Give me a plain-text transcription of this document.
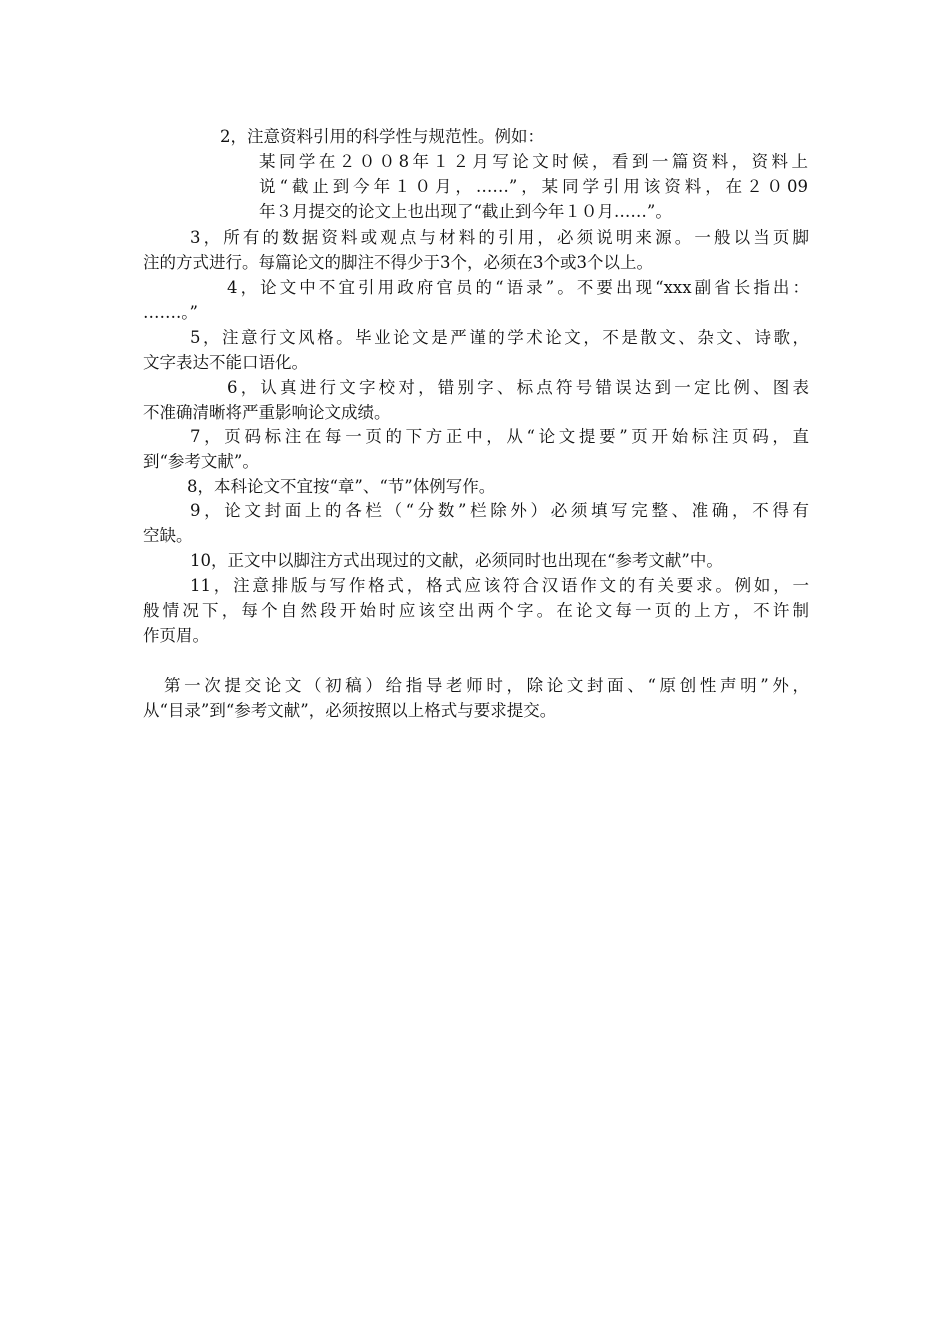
2，注意资料引用的科学性与规范性。例如：

某同学在２００8年１２月写论文时候，看到一篇资料，资料上
说“截止到今年１０月，……”，某同学引用该资料，在２０09
年３月提交的论文上也出现了“截止到今年１０月……”。

3，所有的数据资料或观点与材料的引用，必须说明来源。一般以当页脚
注的方式进行。每篇论文的脚注不得少于3个，必须在3个或3个以上。

4，论文中不宜引用政府官员的“语录”。不要出现“xxx副省长指出：
…….。”

5，注意行文风格。毕业论文是严谨的学术论文，不是散文、杂文、诗歌，
文字表达不能口语化。

6，认真进行文字校对，错别字、标点符号错误达到一定比例、图表
不准确清晰将严重影响论文成绩。

7，页码标注在每一页的下方正中，从“论文提要”页开始标注页码，直
到“参考文献”。

8，本科论文不宜按“章”、“节”体例写作。

9，论文封面上的各栏（“分数”栏除外）必须填写完整、准确，不得有
空缺。

10，正文中以脚注方式出现过的文献，必须同时也出现在“参考文献”中。

11，注意排版与写作格式，格式应该符合汉语作文的有关要求。例如，一
般情况下，每个自然段开始时应该空出两个字。在论文每一页的上方，不许制
作页眉。

第一次提交论文（初稿）给指导老师时，除论文封面、“原创性声明”外，
从“目录”到“参考文献”，必须按照以上格式与要求提交。
